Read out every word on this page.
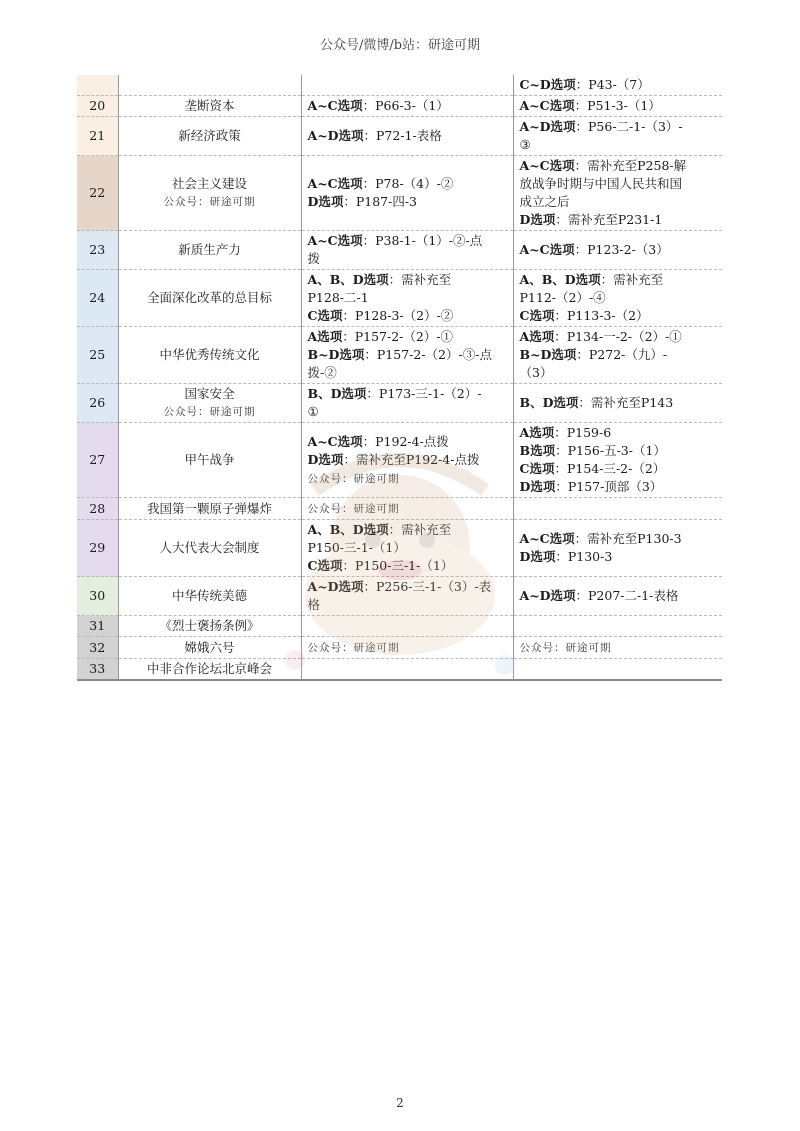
公众号/微博/b站：研途可期

			C~D选项：P43-（7）

20	垄断资本	A~C选项：P66-3-（1）	A~C选项：P51-3-（1）

21	新经济政策	A~D选项：P72-1-表格	A~D选项：P56-二-1-（3）-
③

22	社会主义建设
公众号：研途可期	A~C选项：P78-（4）-②
D选项：P187-四-3	A~C选项：需补充至P258-解
放战争时期与中国人民共和国
成立之后
D选项：需补充至P231-1

23	新质生产力	A~C选项：P38-1-（1）-②-点
拨	A~C选项：P123-2-（3）

24	全面深化改革的总目标	A、B、D选项：需补充至
P128-二-1
C选项：P128-3-（2）-②	A、B、D选项：需补充至
P112-（2）-④
C选项：P113-3-（2）

25	中华优秀传统文化	A选项：P157-2-（2）-①
B~D选项：P157-2-（2）-③-点
拨-②	A选项：P134-一-2-（2）-①
B~D选项：P272-（九）-
（3）

26	国家安全
公众号：研途可期	B、D选项：P173-三-1-（2）-
①	B、D选项：需补充至P143

27	甲午战争	A~C选项：P192-4-点拨
D选项：需补充至P192-4-点拨
公众号：研途可期	A选项：P159-6
B选项：P156-五-3-（1）
C选项：P154-三-2-（2）
D选项：P157-顶部（3）

28	我国第一颗原子弹爆炸	公众号：研途可期	

29	人大代表大会制度	A、B、D选项：需补充至
P150-三-1-（1）
C选项：P150-三-1-（1）	A~C选项：需补充至P130-3
D选项：P130-3

30	中华传统美德	A~D选项：P256-三-1-（3）-表
格	A~D选项：P207-二-1-表格

31	《烈士褒扬条例》		

32	嫦娥六号	公众号：研途可期	公众号：研途可期

33	中非合作论坛北京峰会		

2
